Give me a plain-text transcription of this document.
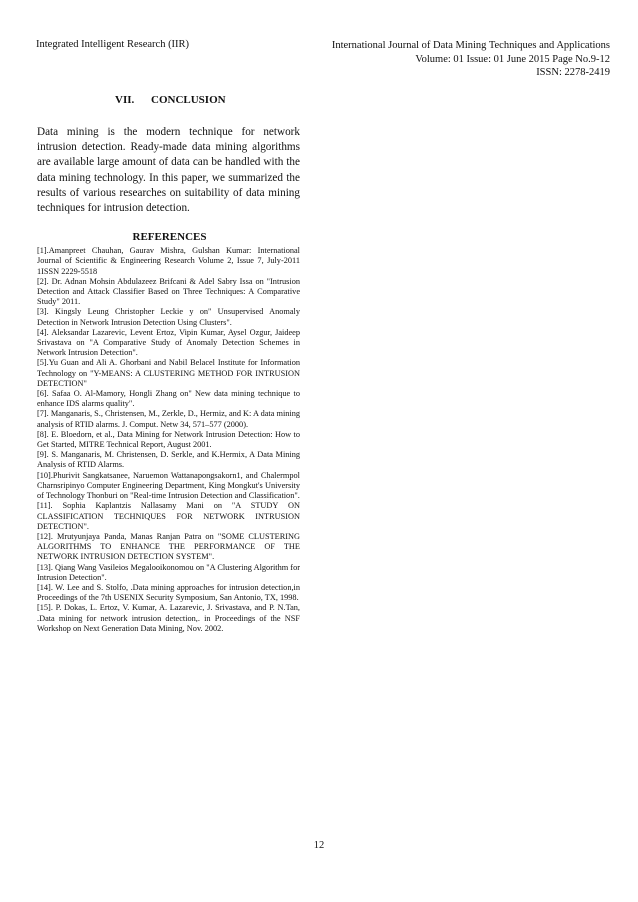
Integrated Intelligent Research (IIR)	International Journal of Data Mining Techniques and Applications
Volume: 01 Issue: 01 June 2015 Page No.9-12
ISSN: 2278-2419
VII. CONCLUSION

Data mining is the modern technique for network intrusion detection. Ready-made data mining algorithms are available large amount of data can be handled with the data mining technology. In this paper, we summarized the results of various researches on suitability of data mining techniques for intrusion detection.

REFERENCES

[1].Amanpreet Chauhan, Gaurav Mishra, Gulshan Kumar: International Journal of Scientific & Engineering Research Volume 2, Issue 7, July-2011 1ISSN 2229-5518

[2]. Dr. Adnan Mohsin Abdulazeez Brifcani & Adel Sabry Issa on "Intrusion Detection and Attack Classifier Based on Three Techniques: A Comparative Study" 2011.

[3]. Kingsly Leung Christopher Leckie y on" Unsupervised Anomaly Detection in Network Intrusion Detection Using Clusters".

[4]. Aleksandar Lazarevic, Levent Ertoz, Vipin Kumar, Aysel Ozgur, Jaideep Srivastava on "A Comparative Study of Anomaly Detection Schemes in Network Intrusion Detection".

[5].Yu Guan and Ali A. Ghorbani and Nabil Belacel Institute for Information Technology on "Y-MEANS: A CLUSTERING METHOD FOR INTRUSION DETECTION"

[6]. Safaa O. Al-Mamory, Hongli Zhang on" New data mining technique to enhance IDS alarms quality".

[7]. Manganaris, S., Christensen, M., Zerkle, D., Hermiz, and K: A data mining analysis of RTID alarms. J. Comput. Netw 34, 571–577 (2000).

[8]. E. Bloedorn, et al., Data Mining for Network Intrusion Detection: How to Get Started, MITRE Technical Report, August 2001.

[9]. S. Manganaris, M. Christensen, D. Serkle, and K.Hermix, A Data Mining Analysis of RTID Alarms.

[10].Phurivit Sangkatsanee, Naruemon Wattanapongsakorn1, and Chalermpol Charnsripinyo Computer Engineering Department, King Mongkut's University of Technology Thonburi on "Real-time Intrusion Detection and Classification".

[11]. Sophia Kaplantzis Nallasamy Mani on "A STUDY ON CLASSIFICATION TECHNIQUES FOR NETWORK INTRUSION DETECTION".

[12]. Mrutyunjaya Panda, Manas Ranjan Patra on "SOME CLUSTERING ALGORITHMS TO ENHANCE THE PERFORMANCE OF THE NETWORK INTRUSION DETECTION SYSTEM".

[13]. Qiang Wang Vasileios Megalooikonomou on "A Clustering Algorithm for Intrusion Detection".

[14]. W. Lee and S. Stolfo, .Data mining approaches for intrusion detection,in Proceedings of the 7th USENIX Security Symposium, San Antonio, TX, 1998.

[15]. P. Dokas, L. Ertoz, V. Kumar, A. Lazarevic, J. Srivastava, and P. N.Tan, .Data mining for network intrusion detection,. in Proceedings of the NSF Workshop on Next Generation Data Mining, Nov. 2002.

12
